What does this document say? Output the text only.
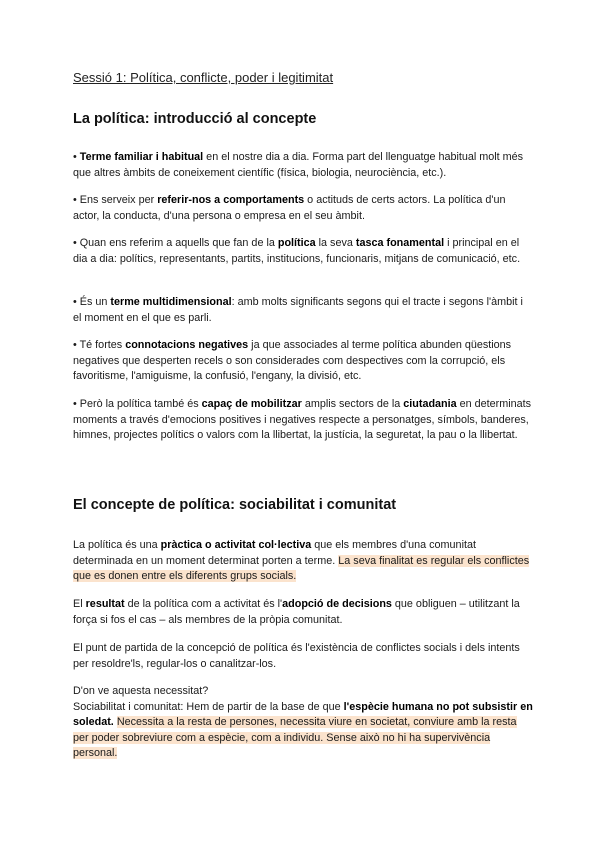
Sessió 1: Política, conflicte, poder i legitimitat
La política: introducció al concepte

• Terme familiar i habitual en el nostre dia a dia. Forma part del llenguatge habitual molt més que altres àmbits de coneixement científic (física, biologia, neurociència, etc.).

• Ens serveix per referir-nos a comportaments o actituds de certs actors. La política d'un actor, la conducta, d'una persona o empresa en el seu àmbit.

• Quan ens referim a aquells que fan de la política la seva tasca fonamental i principal en el dia a dia: polítics, representants, partits, institucions, funcionaris, mitjans de comunicació, etc.

• És un terme multidimensional: amb molts significants segons qui el tracte i segons l'àmbit i el moment en el que es parli.

• Té fortes connotacions negatives ja que associades al terme política abunden qüestions negatives que desperten recels o son considerades com despectives com la corrupció, els favoritisme, l'amiguisme, la confusió, l'engany, la divisió, etc.

• Però la política també és capaç de mobilitzar amplis sectors de la ciutadania en determinats moments a través d'emocions positives i negatives respecte a personatges, símbols, banderes, himnes, projectes polítics o valors com la llibertat, la justícia, la seguretat, la pau o la llibertat.

El concepte de política: sociabilitat i comunitat

La política és una pràctica o activitat col·lectiva que els membres d'una comunitat determinada en un moment determinat porten a terme. La seva finalitat es regular els conflictes que es donen entre els diferents grups socials.

El resultat de la política com a activitat és l'adopció de decisions que obliguen – utilitzant la força si fos el cas – als membres de la pròpia comunitat.

El punt de partida de la concepció de política és l'existència de conflictes socials i dels intents per resoldre'ls, regular-los o canalitzar-los.

D'on ve aquesta necessitat?
Sociabilitat i comunitat: Hem de partir de la base de que l'espècie humana no pot subsistir en soledat. Necessita a la resta de persones, necessita viure en societat, conviure amb la resta per poder sobreviure com a espècie, com a individu. Sense això no hi ha supervivència personal.
